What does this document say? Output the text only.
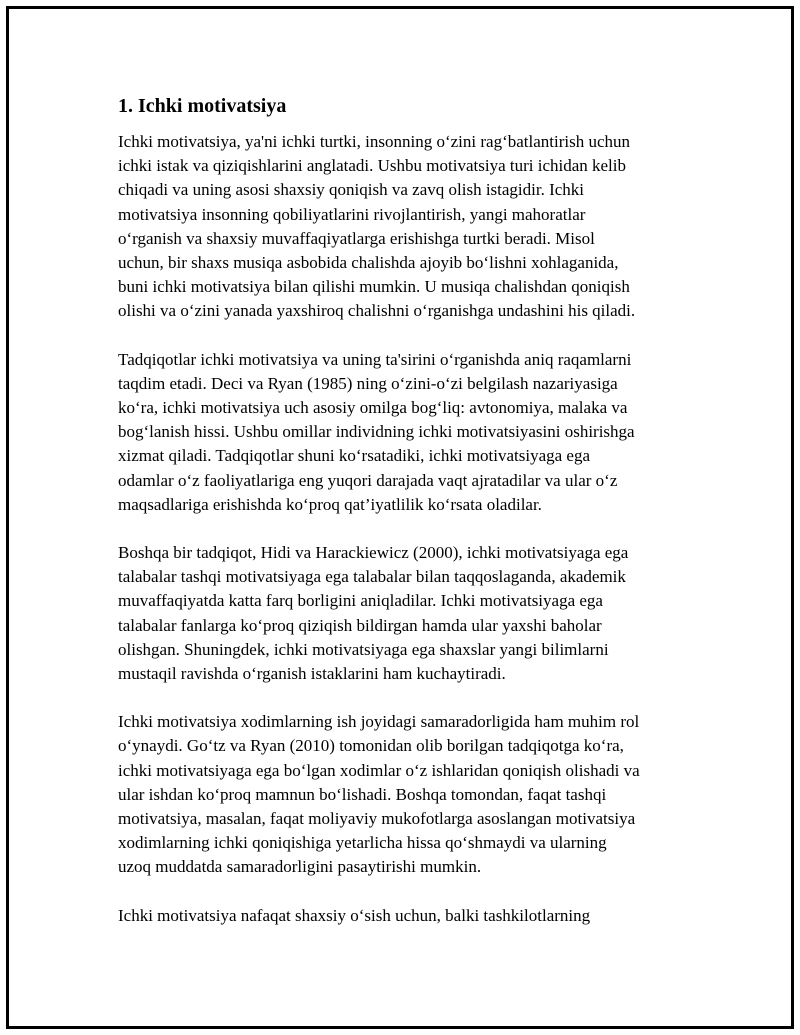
1. Ichki motivatsiya
Ichki motivatsiya, ya'ni ichki turtki, insonning o‘zini rag‘batlantirish uchun
ichki istak va qiziqishlarini anglatadi. Ushbu motivatsiya turi ichidan kelib
chiqadi va uning asosi shaxsiy qoniqish va zavq olish istagidir. Ichki
motivatsiya insonning qobiliyatlarini rivojlantirish, yangi mahoratlar
o‘rganish va shaxsiy muvaffaqiyatlarga erishishga turtki beradi. Misol
uchun, bir shaxs musiqa asbobida chalishda ajoyib bo‘lishni xohlaganida,
buni ichki motivatsiya bilan qilishi mumkin. U musiqa chalishdan qoniqish
olishi va o‘zini yanada yaxshiroq chalishni o‘rganishga undashini his qiladi.
Tadqiqotlar ichki motivatsiya va uning ta'sirini o‘rganishda aniq raqamlarni
taqdim etadi. Deci va Ryan (1985) ning o‘zini-o‘zi belgilash nazariyasiga
ko‘ra, ichki motivatsiya uch asosiy omilga bog‘liq: avtonomiya, malaka va
bog‘lanish hissi. Ushbu omillar individning ichki motivatsiyasini oshirishga
xizmat qiladi. Tadqiqotlar shuni ko‘rsatadiki, ichki motivatsiyaga ega
odamlar o‘z faoliyatlariga eng yuqori darajada vaqt ajratadilar va ular o‘z
maqsadlariga erishishda ko‘proq qat’iyatlilik ko‘rsata oladilar.
Boshqa bir tadqiqot, Hidi va Harackiewicz (2000), ichki motivatsiyaga ega
talabalar tashqi motivatsiyaga ega talabalar bilan taqqoslaganda, akademik
muvaffaqiyatda katta farq borligini aniqladilar. Ichki motivatsiyaga ega
talabalar fanlarga ko‘proq qiziqish bildirgan hamda ular yaxshi baholar
olishgan. Shuningdek, ichki motivatsiyaga ega shaxslar yangi bilimlarni
mustaqil ravishda o‘rganish istaklarini ham kuchaytiradi.
Ichki motivatsiya xodimlarning ish joyidagi samaradorligida ham muhim rol
o‘ynaydi. Go‘tz va Ryan (2010) tomonidan olib borilgan tadqiqotga ko‘ra,
ichki motivatsiyaga ega bo‘lgan xodimlar o‘z ishlaridan qoniqish olishadi va
ular ishdan ko‘proq mamnun bo‘lishadi. Boshqa tomondan, faqat tashqi
motivatsiya, masalan, faqat moliyaviy mukofotlarga asoslangan motivatsiya
xodimlarning ichki qoniqishiga yetarlicha hissa qo‘shmaydi va ularning
uzoq muddatda samaradorligini pasaytirishi mumkin.
Ichki motivatsiya nafaqat shaxsiy o‘sish uchun, balki tashkilotlarning
